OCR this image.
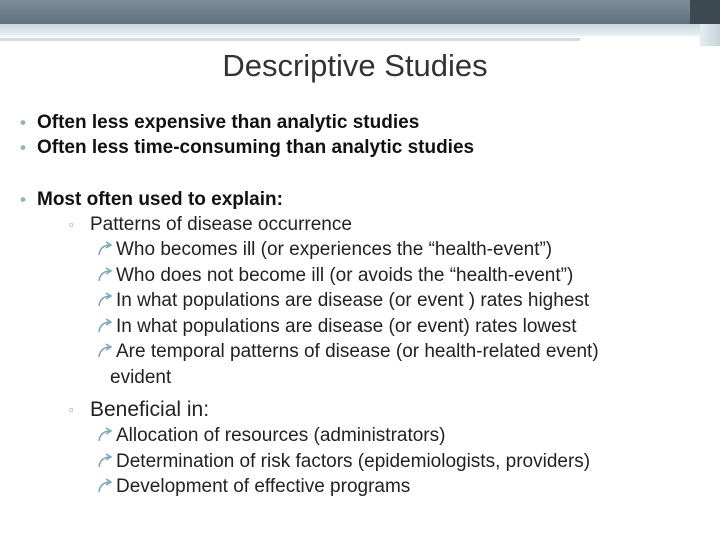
Descriptive Studies
• Often less expensive than analytic studies
• Often less time-consuming than analytic studies
• Most often used to explain:
▫ Patterns of disease occurrence
Who becomes ill (or experiences the “health-event”)
Who does not become ill (or avoids the “health-event”)
In what populations are disease (or event ) rates highest
In what populations are disease (or event) rates lowest
Are temporal patterns of disease (or health-related event)
evident
▫ Beneficial in:
Allocation of resources (administrators)
Determination of risk factors (epidemiologists, providers)
Development of effective programs
